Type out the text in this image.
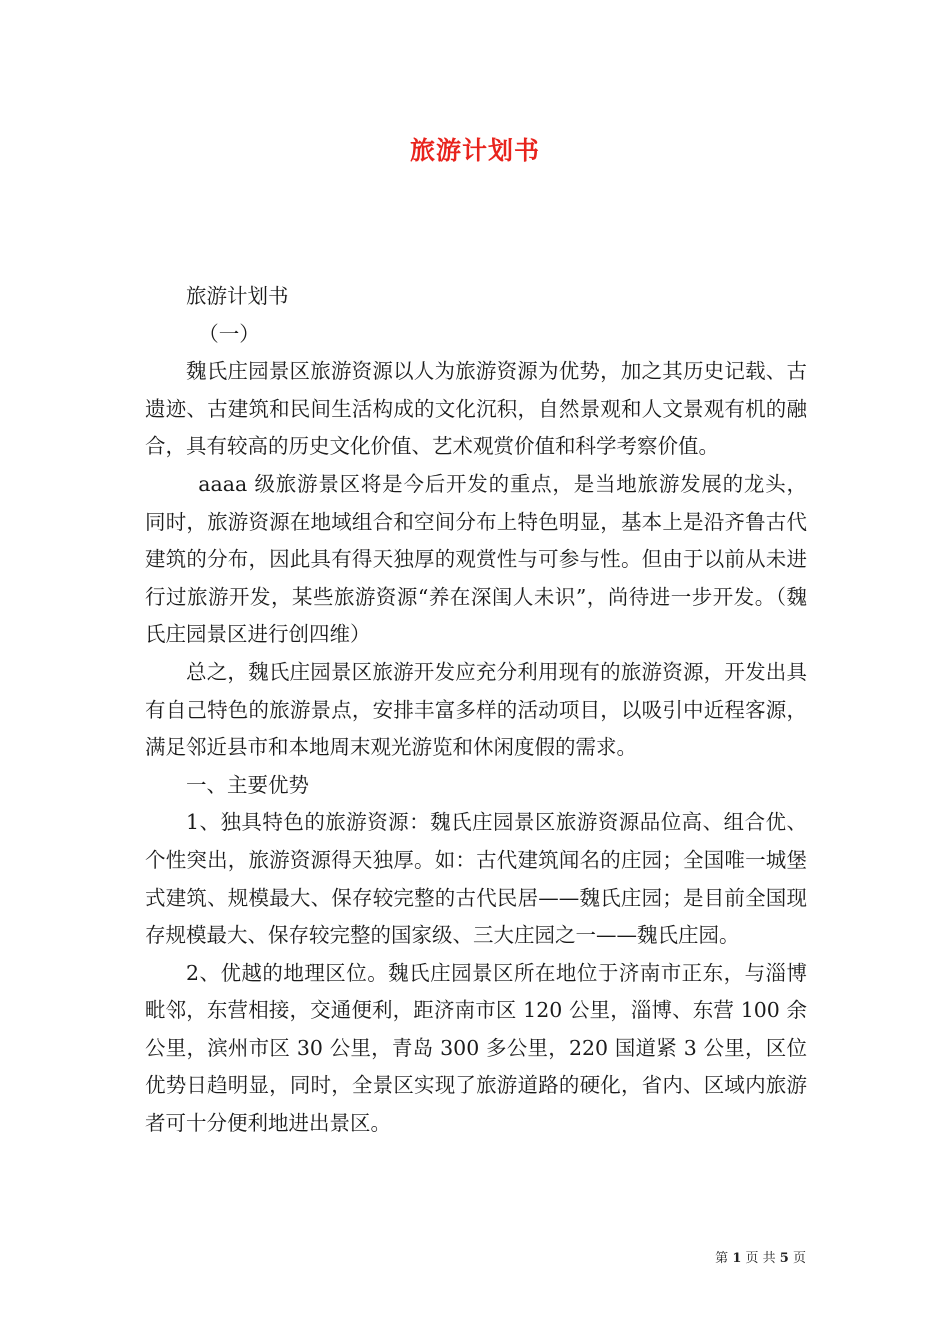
旅游计划书

旅游计划书

（一）

魏氏庄园景区旅游资源以人为旅游资源为优势，加之其历史记载、古遗迹、古建筑和民间生活构成的文化沉积，自然景观和人文景观有机的融合，具有较高的历史文化价值、艺术观赏价值和科学考察价值。

aaaa 级旅游景区将是今后开发的重点，是当地旅游发展的龙头，同时，旅游资源在地域组合和空间分布上特色明显，基本上是沿齐鲁古代建筑的分布，因此具有得天独厚的观赏性与可参与性。但由于以前从未进行过旅游开发，某些旅游资源“养在深闺人未识”，尚待进一步开发。（魏氏庄园景区进行创四维）

总之，魏氏庄园景区旅游开发应充分利用现有的旅游资源，开发出具有自己特色的旅游景点，安排丰富多样的活动项目，以吸引中近程客源，满足邻近县市和本地周末观光游览和休闲度假的需求。

一、主要优势

1、独具特色的旅游资源：魏氏庄园景区旅游资源品位高、组合优、个性突出，旅游资源得天独厚。如：古代建筑闻名的庄园；全国唯一城堡式建筑、规模最大、保存较完整的古代民居——魏氏庄园；是目前全国现存规模最大、保存较完整的国家级、三大庄园之一——魏氏庄园。

2、优越的地理区位。魏氏庄园景区所在地位于济南市正东，与淄博毗邻，东营相接，交通便利，距济南市区 120 公里，淄博、东营 100 余公里，滨州市区 30 公里，青岛 300 多公里，220 国道紧 3 公里，区位优势日趋明显，同时，全景区实现了旅游道路的硬化，省内、区域内旅游者可十分便利地进出景区。

第 1 页 共 5 页
